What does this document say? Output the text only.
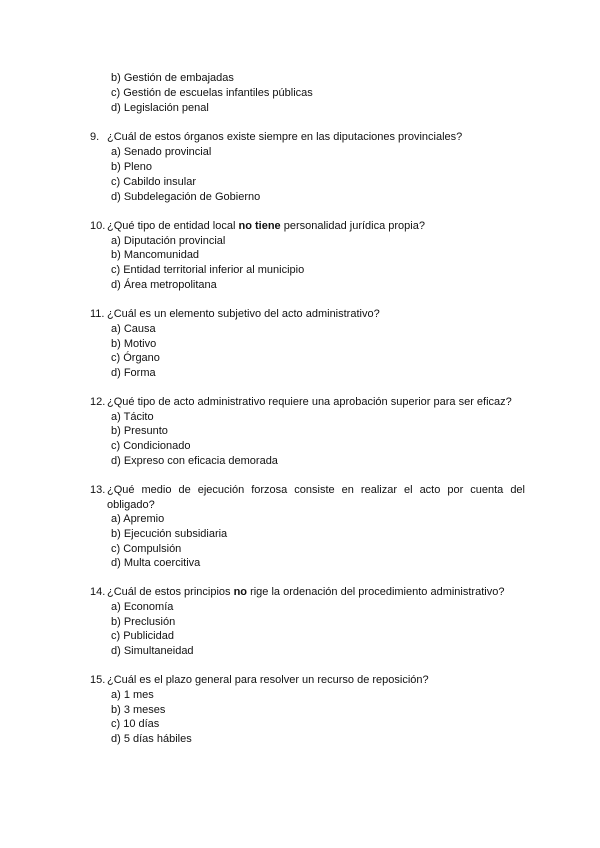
b) Gestión de embajadas
c) Gestión de escuelas infantiles públicas
d) Legislación penal
9. ¿Cuál de estos órganos existe siempre en las diputaciones provinciales?
a) Senado provincial
b) Pleno
c) Cabildo insular
d) Subdelegación de Gobierno
10. ¿Qué tipo de entidad local no tiene personalidad jurídica propia?
a) Diputación provincial
b) Mancomunidad
c) Entidad territorial inferior al municipio
d) Área metropolitana
11. ¿Cuál es un elemento subjetivo del acto administrativo?
a) Causa
b) Motivo
c) Órgano
d) Forma
12. ¿Qué tipo de acto administrativo requiere una aprobación superior para ser eficaz?
a) Tácito
b) Presunto
c) Condicionado
d) Expreso con eficacia demorada
13. ¿Qué medio de ejecución forzosa consiste en realizar el acto por cuenta del
obligado?
a) Apremio
b) Ejecución subsidiaria
c) Compulsión
d) Multa coercitiva
14. ¿Cuál de estos principios no rige la ordenación del procedimiento administrativo?
a) Economía
b) Preclusión
c) Publicidad
d) Simultaneidad
15. ¿Cuál es el plazo general para resolver un recurso de reposición?
a) 1 mes
b) 3 meses
c) 10 días
d) 5 días hábiles
